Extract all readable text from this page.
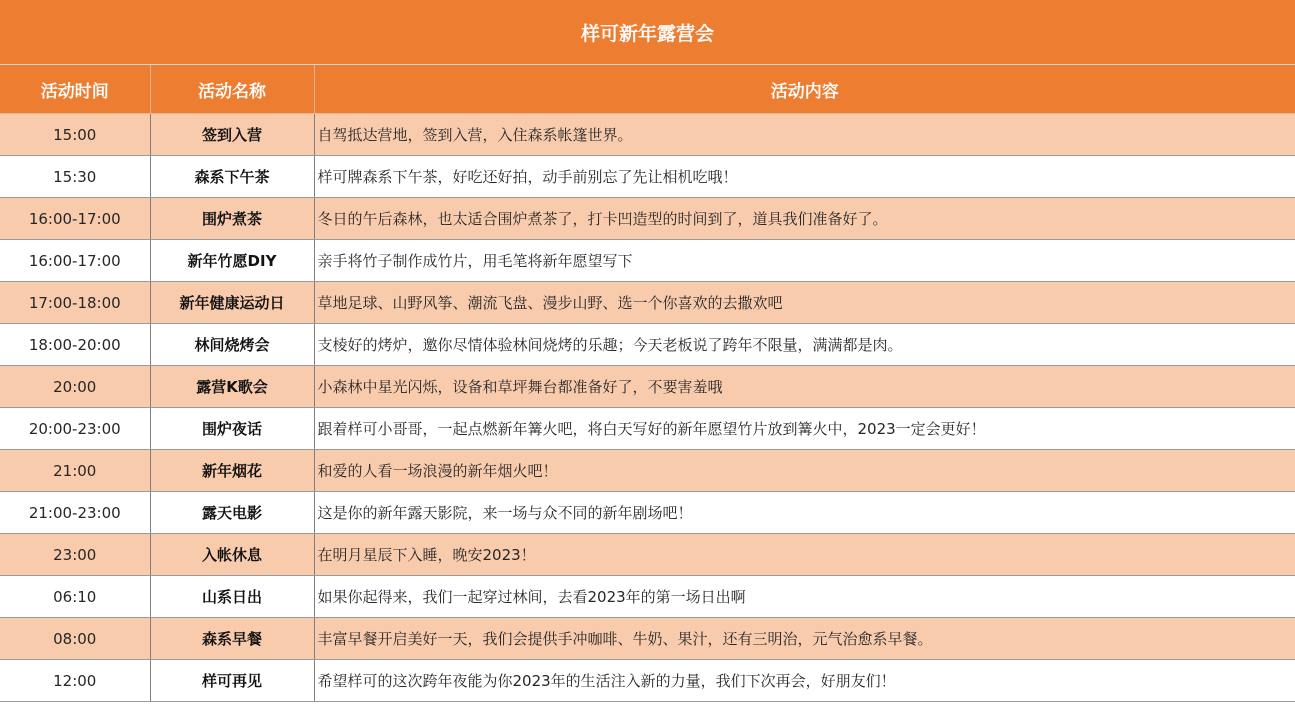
样可新年露营会
活动时间	活动名称	活动内容
15:00	签到入营	自驾抵达营地，签到入营，入住森系帐篷世界。
15:30	森系下午茶	样可牌森系下午茶，好吃还好拍，动手前别忘了先让相机吃哦！
16:00-17:00	围炉煮茶	冬日的午后森林，也太适合围炉煮茶了，打卡凹造型的时间到了，道具我们准备好了。
16:00-17:00	新年竹愿DIY	亲手将竹子制作成竹片，用毛笔将新年愿望写下
17:00-18:00	新年健康运动日	草地足球、山野风筝、潮流飞盘、漫步山野、选一个你喜欢的去撒欢吧
18:00-20:00	林间烧烤会	支棱好的烤炉，邀你尽情体验林间烧烤的乐趣；今天老板说了跨年不限量，满满都是肉。
20:00	露营K歌会	小森林中星光闪烁，设备和草坪舞台都准备好了，不要害羞哦
20:00-23:00	围炉夜话	跟着样可小哥哥，一起点燃新年篝火吧，将白天写好的新年愿望竹片放到篝火中，2023一定会更好！
21:00	新年烟花	和爱的人看一场浪漫的新年烟火吧！
21:00-23:00	露天电影	这是你的新年露天影院，来一场与众不同的新年剧场吧！
23:00	入帐休息	在明月星辰下入睡，晚安2023！
06:10	山系日出	如果你起得来，我们一起穿过林间，去看2023年的第一场日出啊
08:00	森系早餐	丰富早餐开启美好一天，我们会提供手冲咖啡、牛奶、果汁，还有三明治，元气治愈系早餐。
12:00	样可再见	希望样可的这次跨年夜能为你2023年的生活注入新的力量，我们下次再会，好朋友们！
